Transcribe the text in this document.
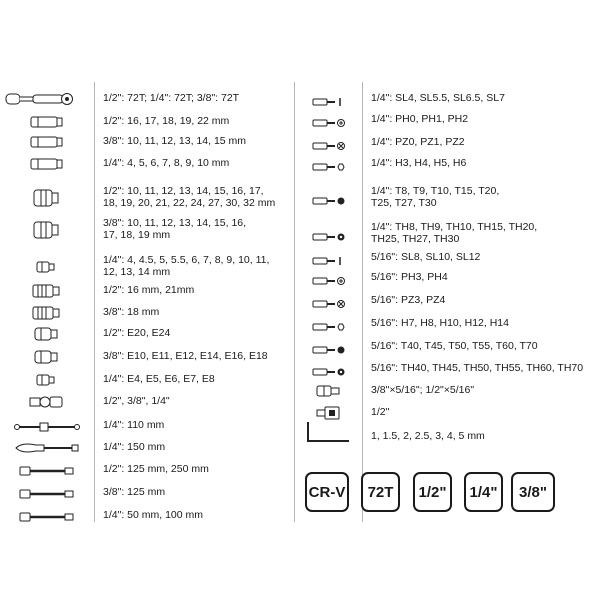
1/2": 72T; 1/4": 72T; 3/8": 72T
1/2": 16, 17, 18, 19, 22 mm
3/8": 10, 11, 12, 13, 14, 15 mm
1/4": 4, 5, 6, 7, 8, 9, 10 mm
1/2": 10, 11, 12, 13, 14, 15, 16, 17,
18, 19, 20, 21, 22, 24, 27, 30, 32 mm
3/8": 10, 11, 12, 13, 14, 15, 16,
17, 18, 19 mm
1/4": 4, 4.5, 5, 5.5, 6, 7, 8, 9, 10, 11,
12, 13, 14 mm
1/2": 16 mm, 21mm
3/8": 18 mm
1/2": E20, E24
3/8": E10, E11, E12, E14, E16, E18
1/4": E4, E5, E6, E7, E8
1/2", 3/8", 1/4"
1/4": 110 mm
1/4": 150 mm
1/2": 125 mm, 250 mm
3/8": 125 mm
1/4": 50 mm, 100 mm
1/4": SL4, SL5.5, SL6.5, SL7
1/4": PH0, PH1, PH2
1/4": PZ0, PZ1, PZ2
1/4": H3, H4, H5, H6
1/4": T8, T9, T10, T15, T20,
T25, T27, T30
1/4": TH8, TH9, TH10, TH15, TH20,
TH25, TH27, TH30
5/16": SL8, SL10, SL12
5/16": PH3, PH4
5/16": PZ3, PZ4
5/16": H7, H8, H10, H12, H14
5/16": T40, T45, T50, T55, T60, T70
5/16": TH40, TH45, TH50, TH55, TH60, TH70
3/8"×5/16"; 1/2"×5/16"
1/2"
1, 1.5, 2, 2.5, 3, 4, 5 mm
CR-V	72T	1/2"	1/4"	3/8"
